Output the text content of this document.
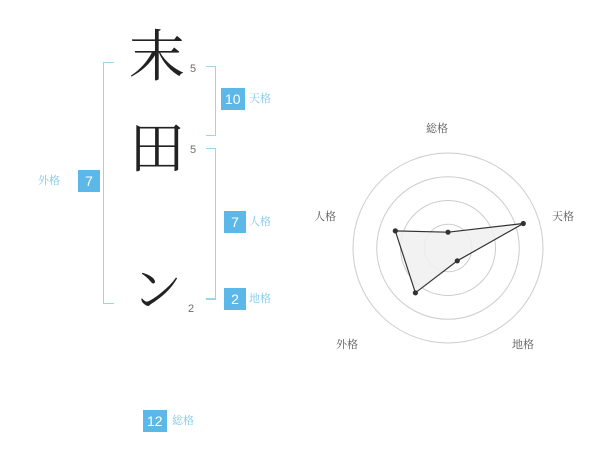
末
田
ン
5
5
2
10 天格
7 人格
2 地格
7
外格
12 総格
総格
天格
地格
外格
人格
